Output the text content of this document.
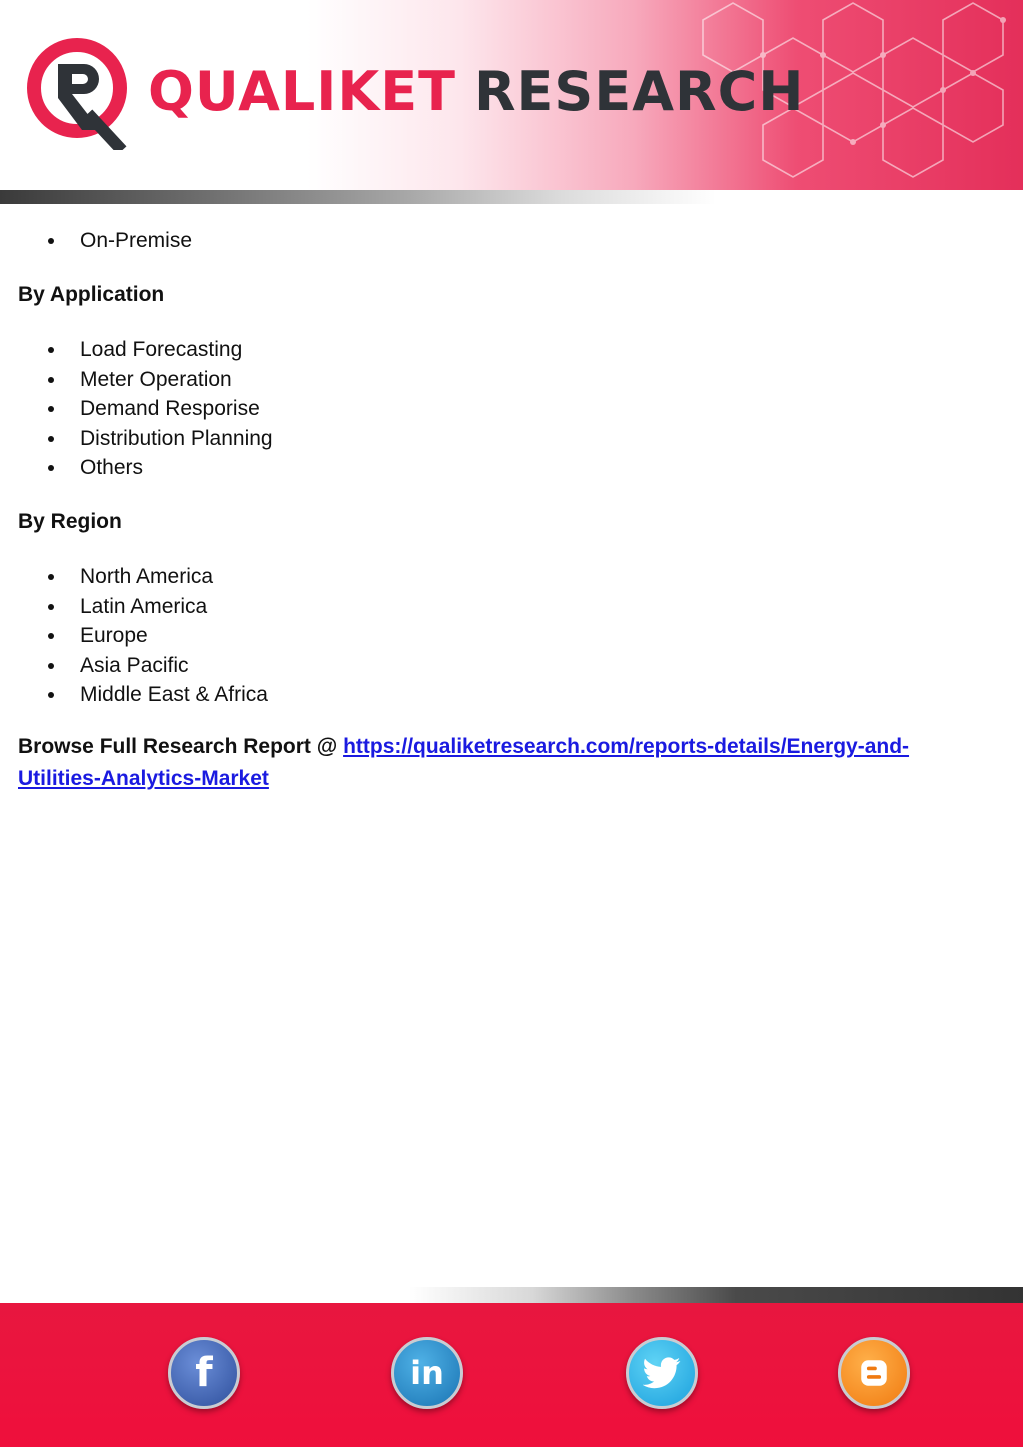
QUALIKET RESEARCH
On-Premise
By Application
Load Forecasting
Meter Operation
Demand Resporise
Distribution Planning
Others
By Region
North America
Latin America
Europe
Asia Pacific
Middle East & Africa
Browse Full Research Report @ https://qualiketresearch.com/reports-details/Energy-and-Utilities-Analytics-Market
f	in
